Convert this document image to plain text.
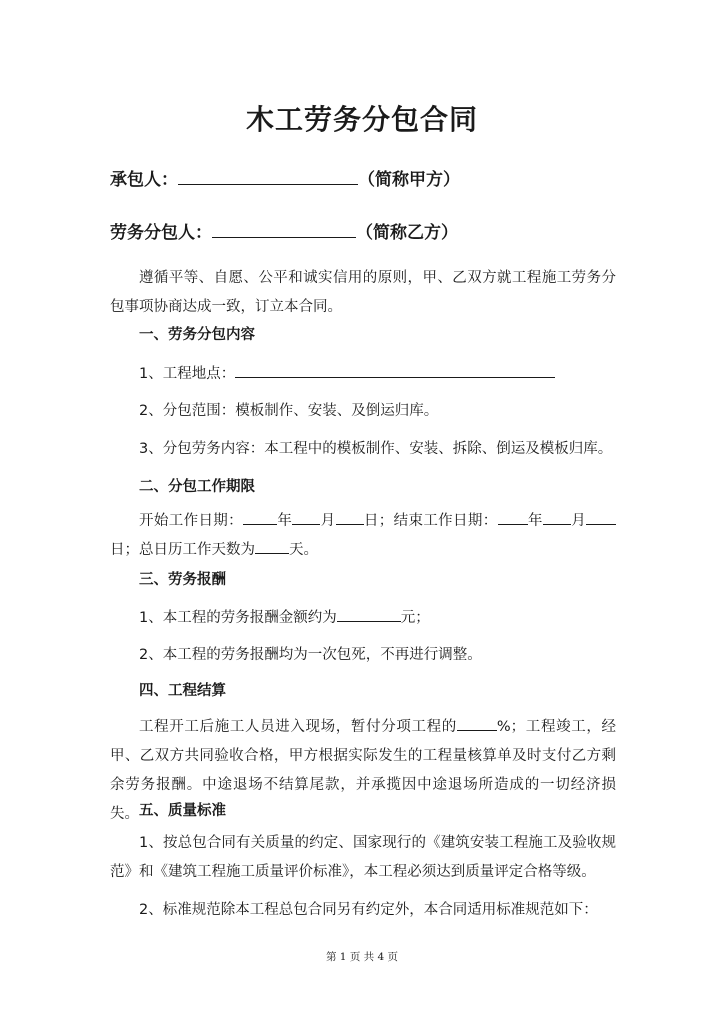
木工劳务分包合同
承包人：	（简称甲方）
劳务分包人：	（简称乙方）
遵循平等、自愿、公平和诚实信用的原则，甲、乙双方就工程施工劳务分包事项协商达成一致，订立本合同。
一、劳务分包内容
1、工程地点：
2、分包范围：模板制作、安装、及倒运归库。
3、分包劳务内容：本工程中的模板制作、安装、拆除、倒运及模板归库。
二、分包工作期限
开始工作日期： 年 月 日；结束工作日期： 年 月日；总日历工作天数为 天。
三、劳务报酬
1、本工程的劳务报酬金额约为	元；
2、本工程的劳务报酬均为一次包死，不再进行调整。
四、工程结算
工程开工后施工人员进入现场，暂付分项工程的	%；工程竣工，经甲、乙双方共同验收合格，甲方根据实际发生的工程量核算单及时支付乙方剩余劳务报酬。中途退场不结算尾款，并承揽因中途退场所造成的一切经济损失。 五、质量标准
1、按总包合同有关质量的约定、国家现行的《建筑安装工程施工及验收规范》和《建筑工程施工质量评价标准》，本工程必须达到质量评定合格等级。
2、标准规范除本工程总包合同另有约定外，本合同适用标准规范如下：
第 1 页 共 4 页
